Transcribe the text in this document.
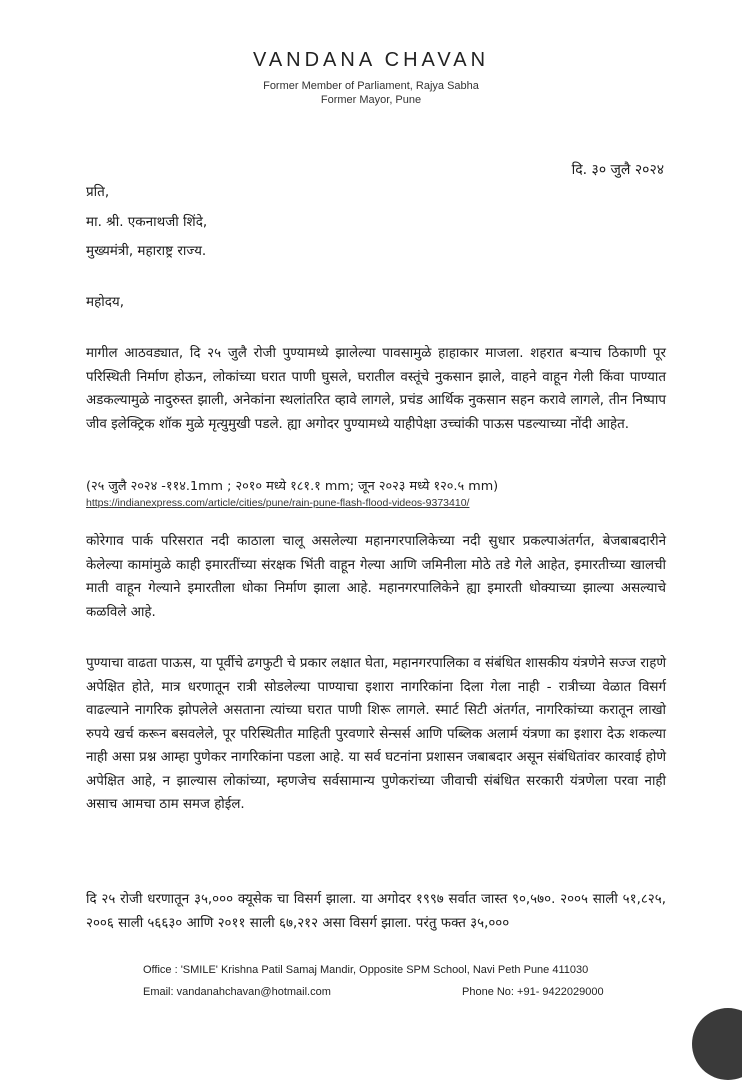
VANDANA CHAVAN
Former Member of Parliament, Rajya Sabha
Former Mayor, Pune
दि. ३० जुलै २०२४
प्रति,
मा. श्री. एकनाथजी शिंदे,
मुख्यमंत्री, महाराष्ट्र राज्य.
महोदय,
मागील आठवड्यात, दि २५ जुलै रोजी पुण्यामध्ये झालेल्या पावसामुळे हाहाकार माजला. शहरात बऱ्याच ठिकाणी पूर परिस्थिती निर्माण होऊन, लोकांच्या घरात पाणी घुसले, घरातील वस्तूंचे नुकसान झाले, वाहने वाहून गेली किंवा पाण्यात अडकल्यामुळे नादुरुस्त झाली, अनेकांना स्थलांतरित व्हावे लागले, प्रचंड आर्थिक नुकसान सहन करावे लागले, तीन निष्पाप जीव इलेक्ट्रिक शॉक मुळे मृत्युमुखी पडले. ह्या अगोदर पुण्यामध्ये याहीपेक्षा उच्चांकी पाऊस पडल्याच्या नोंदी आहेत.
(२५ जुलै २०२४ -११४.1mm ; २०१० मध्ये १८१.१ mm; जून २०२३ मध्ये १२०.५ mm)
https://indianexpress.com/article/cities/pune/rain-pune-flash-flood-videos-9373410/
कोरेगाव पार्क परिसरात नदी काठाला चालू असलेल्या महानगरपालिकेच्या नदी सुधार प्रकल्पाअंतर्गत, बेजबाबदारीने केलेल्या कामांमुळे काही इमारतींच्या संरक्षक भिंती वाहून गेल्या आणि जमिनीला मोठे तडे गेले आहेत, इमारतीच्या खालची माती वाहून गेल्याने इमारतीला धोका निर्माण झाला आहे. महानगरपालिकेने ह्या इमारती धोक्याच्या झाल्या असल्याचे कळविले आहे.
पुण्याचा वाढता पाऊस, या पूर्वीचे ढगफुटी चे प्रकार लक्षात घेता, महानगरपालिका व संबंधित शासकीय यंत्रणेने सज्ज राहणे अपेक्षित होते, मात्र धरणातून रात्री सोडलेल्या पाण्याचा इशारा नागरिकांना दिला गेला नाही - रात्रीच्या वेळात विसर्ग वाढल्याने नागरिक झोपलेले असताना त्यांच्या घरात पाणी शिरू लागले. स्मार्ट सिटी अंतर्गत, नागरिकांच्या करातून लाखो रुपये खर्च करून बसवलेले, पूर परिस्थितीत माहिती पुरवणारे सेन्सर्स आणि पब्लिक अलार्म यंत्रणा का इशारा देऊ शकल्या नाही असा प्रश्न आम्हा पुणेकर नागरिकांना पडला आहे. या सर्व घटनांना प्रशासन जबाबदार असून संबंधितांवर कारवाई होणे अपेक्षित आहे, न झाल्यास लोकांच्या, म्हणजेच सर्वसामान्य पुणेकरांच्या जीवाची संबंधित सरकारी यंत्रणेला परवा नाही असाच आमचा ठाम समज होईल.
दि २५ रोजी धरणातून ३५,००० क्यूसेक चा विसर्ग झाला. या अगोदर १९९७ सर्वात जास्त ९०,५७०. २००५ साली ५१,८२५, २००६ साली ५६६३० आणि २०११ साली ६७,२१२ असा विसर्ग झाला. परंतु फक्त ३५,०००
Office : 'SMILE' Krishna Patil Samaj Mandir, Opposite SPM School, Navi Peth Pune 411030
Email: vandanahchavan@hotmail.com	Phone No: +91- 9422029000
